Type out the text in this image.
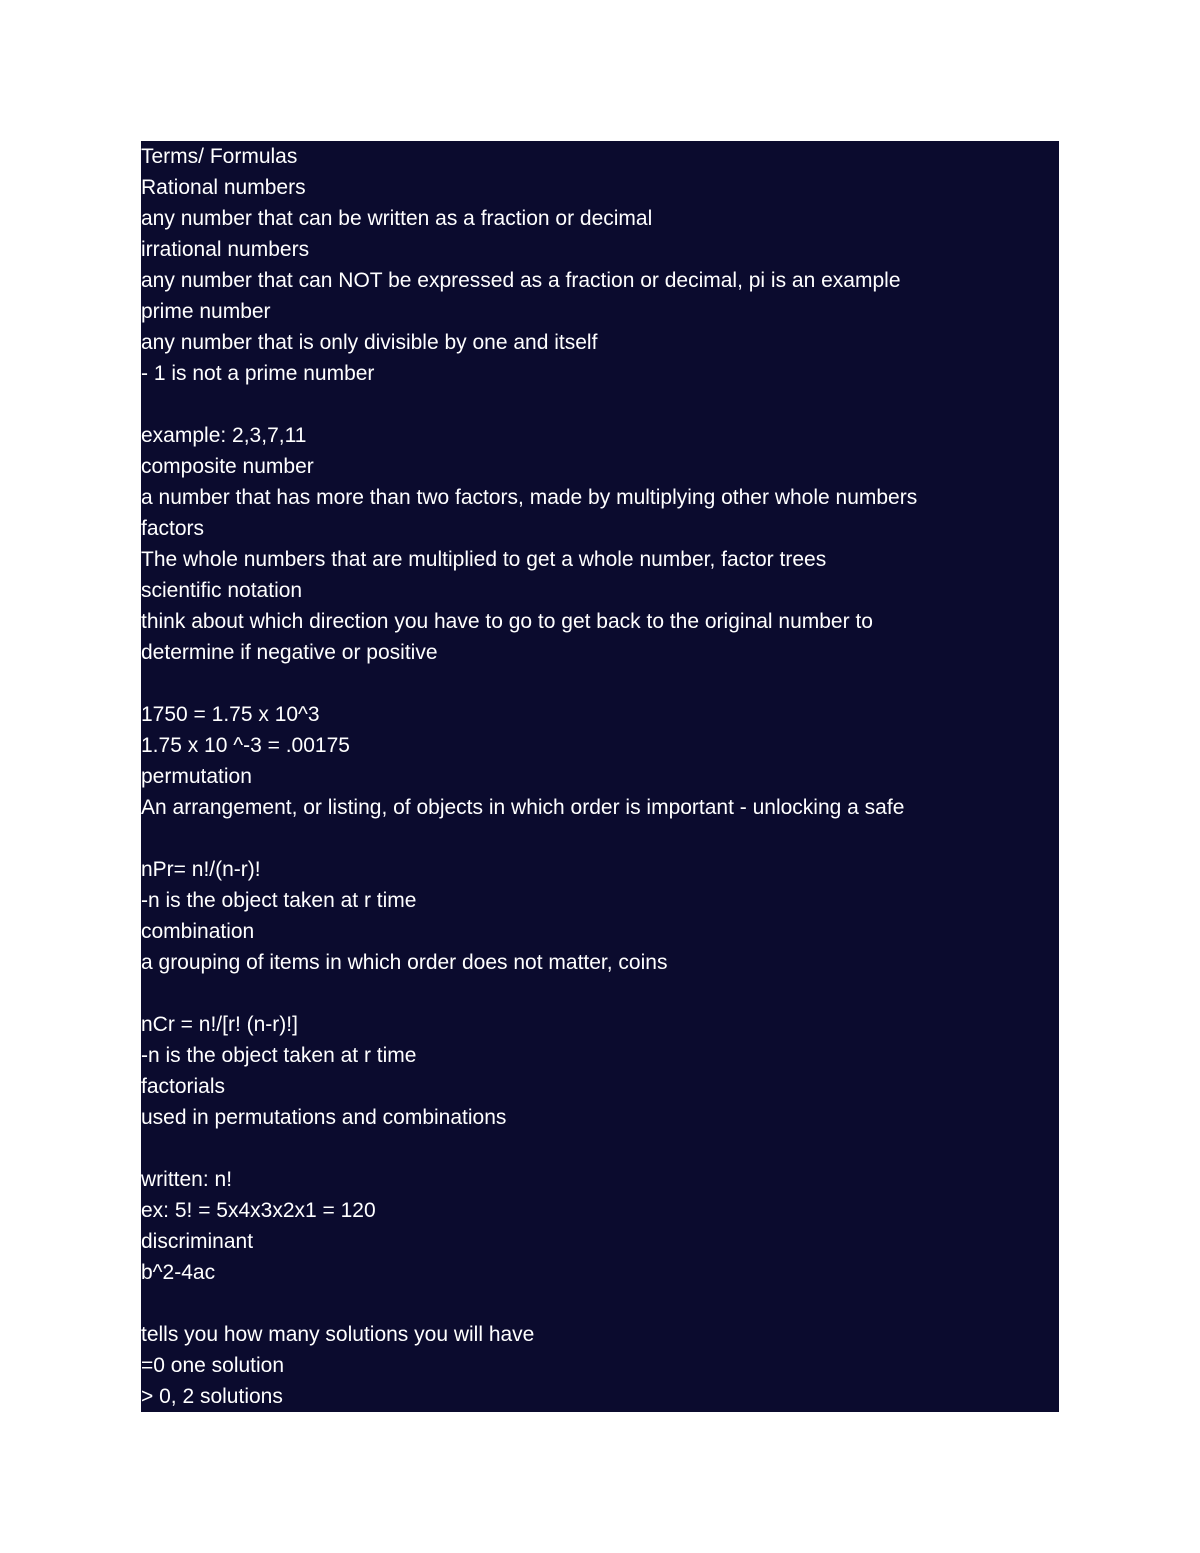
Terms/ Formulas
Rational numbers
any number that can be written as a fraction or decimal
irrational numbers
any number that can NOT be expressed as a fraction or decimal, pi is an example
prime number
any number that is only divisible by one and itself
- 1 is not a prime number
example: 2,3,7,11
composite number
a number that has more than two factors, made by multiplying other whole numbers
factors
The whole numbers that are multiplied to get a whole number, factor trees
scientific notation
think about which direction you have to go to get back to the original number to
determine if negative or positive
1750 = 1.75 x 10^3
1.75 x 10 ^-3 = .00175
permutation
An arrangement, or listing, of objects in which order is important - unlocking a safe
nPr= n!/(n-r)!
-n is the object taken at r time
combination
a grouping of items in which order does not matter, coins
nCr = n!/[r! (n-r)!]
-n is the object taken at r time
factorials
used in permutations and combinations
written: n!
ex: 5! = 5x4x3x2x1 = 120
discriminant
b^2-4ac
tells you how many solutions you will have
=0 one solution
> 0, 2 solutions
